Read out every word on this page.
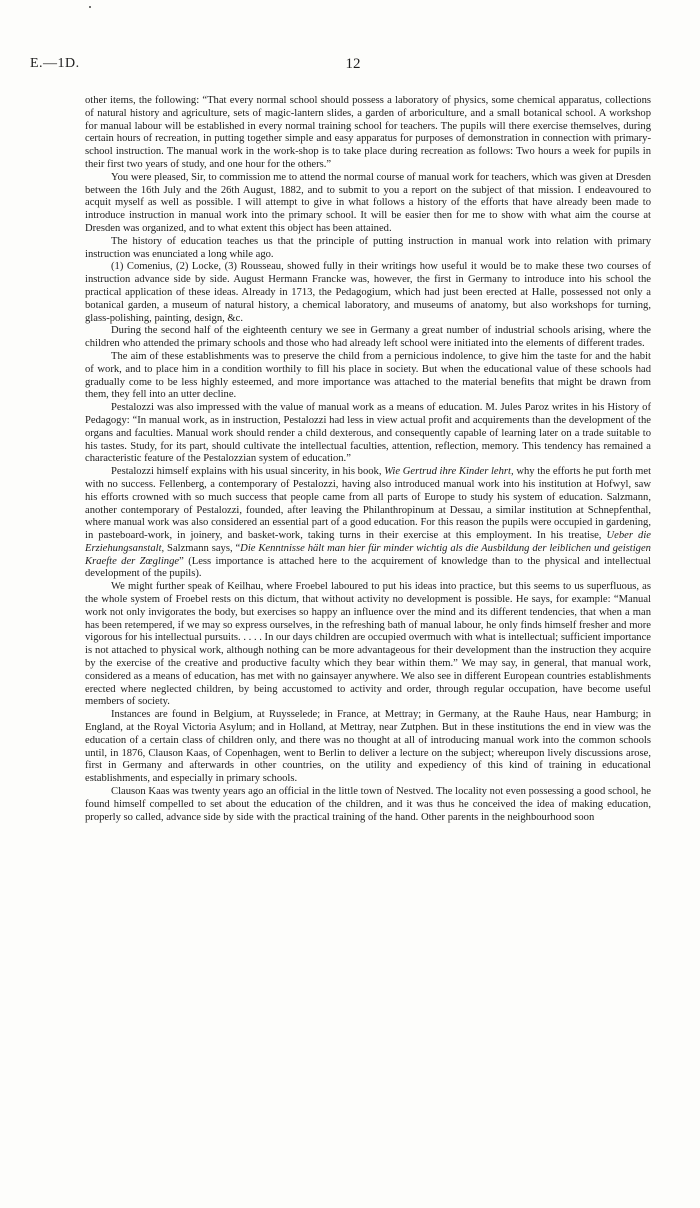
E.—1D.	12

other items, the following: “That every normal school should possess a laboratory of physics, some chemical apparatus, collections of natural history and agriculture, sets of magic-lantern slides, a garden of arboriculture, and a small botanical school. A workshop for manual labour will be established in every normal training school for teachers. The pupils will there exercise themselves, during certain hours of recreation, in putting together simple and easy apparatus for purposes of demonstration in connection with primary-school instruction. The manual work in the work-shop is to take place during recreation as follows: Two hours a week for pupils in their first two years of study, and one hour for the others.”

You were pleased, Sir, to commission me to attend the normal course of manual work for teachers, which was given at Dresden between the 16th July and the 26th August, 1882, and to submit to you a report on the subject of that mission. I endeavoured to acquit myself as well as possible. I will attempt to give in what follows a history of the efforts that have already been made to introduce instruction in manual work into the primary school. It will be easier then for me to show with what aim the course at Dresden was organized, and to what extent this object has been attained.

The history of education teaches us that the principle of putting instruction in manual work into relation with primary instruction was enunciated a long while ago.

(1) Comenius, (2) Locke, (3) Rousseau, showed fully in their writings how useful it would be to make these two courses of instruction advance side by side. August Hermann Francke was, however, the first in Germany to introduce into his school the practical application of these ideas. Already in 1713, the Pedagogium, which had just been erected at Halle, possessed not only a botanical garden, a museum of natural history, a chemical laboratory, and museums of anatomy, but also workshops for turning, glass-polishing, painting, design, &c.

During the second half of the eighteenth century we see in Germany a great number of industrial schools arising, where the children who attended the primary schools and those who had already left school were initiated into the elements of different trades.

The aim of these establishments was to preserve the child from a pernicious indolence, to give him the taste for and the habit of work, and to place him in a condition worthily to fill his place in society. But when the educational value of these schools had gradually come to be less highly esteemed, and more importance was attached to the material benefits that might be drawn from them, they fell into an utter decline.

Pestalozzi was also impressed with the value of manual work as a means of education. M. Jules Paroz writes in his History of Pedagogy: “In manual work, as in instruction, Pestalozzi had less in view actual profit and acquirements than the development of the organs and faculties. Manual work should render a child dexterous, and consequently capable of learning later on a trade suitable to his tastes. Study, for its part, should cultivate the intellectual faculties, attention, reflection, memory. This tendency has remained a characteristic feature of the Pestalozzian system of education.”

Pestalozzi himself explains with his usual sincerity, in his book, Wie Gertrud ihre Kinder lehrt, why the efforts he put forth met with no success. Fellenberg, a contemporary of Pestalozzi, having also introduced manual work into his institution at Hofwyl, saw his efforts crowned with so much success that people came from all parts of Europe to study his system of education. Salzmann, another contemporary of Pestalozzi, founded, after leaving the Philanthropinum at Dessau, a similar institution at Schnepfenthal, where manual work was also considered an essential part of a good education. For this reason the pupils were occupied in gardening, in pasteboard-work, in joinery, and basket-work, taking turns in their exercise at this employment. In his treatise, Ueber die Erziehungsanstalt, Salzmann says, “Die Kenntnisse hält man hier für minder wichtig als die Ausbildung der leiblichen und geistigen Kraefte der Zœglinge” (Less importance is attached here to the acquirement of knowledge than to the physical and intellectual development of the pupils).

We might further speak of Keilhau, where Froebel laboured to put his ideas into practice, but this seems to us superfluous, as the whole system of Froebel rests on this dictum, that without activity no development is possible. He says, for example: “Manual work not only invigorates the body, but exercises so happy an influence over the mind and its different tendencies, that when a man has been retempered, if we may so express ourselves, in the refreshing bath of manual labour, he only finds himself fresher and more vigorous for his intellectual pursuits. . . . . In our days children are occupied overmuch with what is intellectual; sufficient importance is not attached to physical work, although nothing can be more advantageous for their development than the instruction they acquire by the exercise of the creative and productive faculty which they bear within them.” We may say, in general, that manual work, considered as a means of education, has met with no gainsayer anywhere. We also see in different European countries establishments erected where neglected children, by being accustomed to activity and order, through regular occupation, have become useful members of society.

Instances are found in Belgium, at Ruysselede; in France, at Mettray; in Germany, at the Rauhe Haus, near Hamburg; in England, at the Royal Victoria Asylum; and in Holland, at Mettray, near Zutphen. But in these institutions the end in view was the education of a certain class of children only, and there was no thought at all of introducing manual work into the common schools until, in 1876, Clauson Kaas, of Copenhagen, went to Berlin to deliver a lecture on the subject; whereupon lively discussions arose, first in Germany and afterwards in other countries, on the utility and expediency of this kind of training in educational establishments, and especially in primary schools.

Clauson Kaas was twenty years ago an official in the little town of Nestved. The locality not even possessing a good school, he found himself compelled to set about the education of the children, and it was thus he conceived the idea of making education, properly so called, advance side by side with the practical training of the hand. Other parents in the neighbourhood soon
